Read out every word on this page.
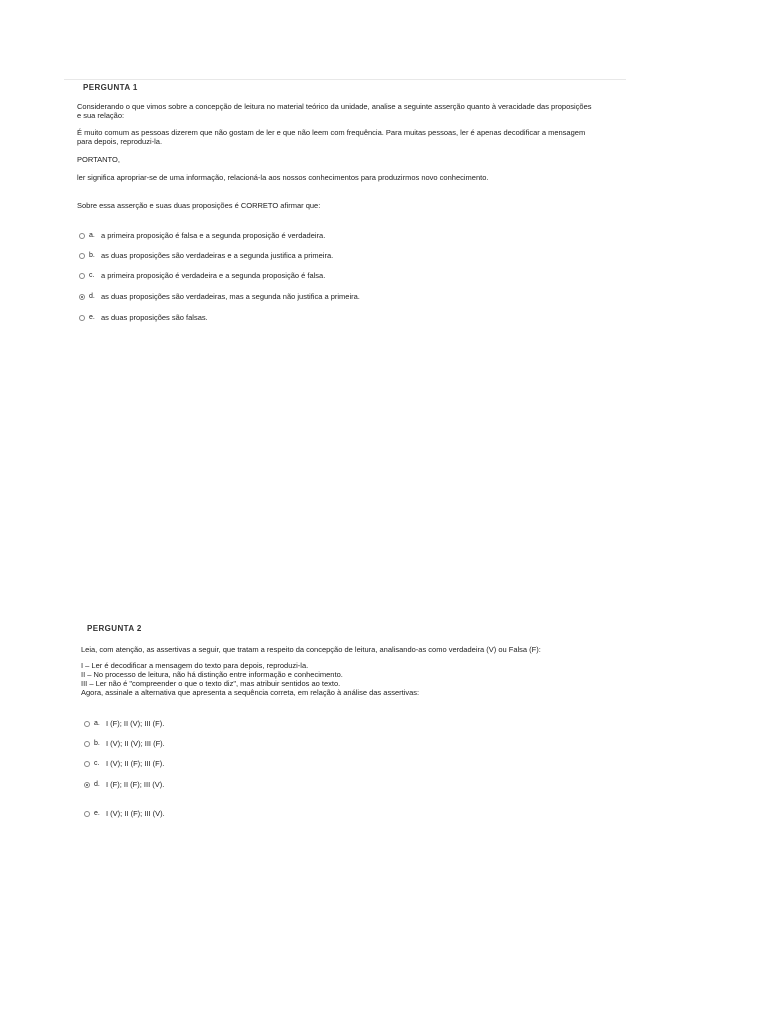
PERGUNTA 1
Considerando o que vimos sobre a concepção de leitura no material teórico da unidade, analise a seguinte asserção quanto à veracidade das proposições e sua relação:
É muito comum as pessoas dizerem que não gostam de ler e que não leem com frequência. Para muitas pessoas, ler é apenas decodificar a mensagem para depois, reproduzi-la.
PORTANTO,
ler significa apropriar-se de uma informação, relacioná-la aos nossos conhecimentos para produzirmos novo conhecimento.
Sobre essa asserção e suas duas proposições é CORRETO afirmar que:
a. a primeira proposição é falsa e a segunda proposição é verdadeira.
b. as duas proposições são verdadeiras e a segunda justifica a primeira.
c. a primeira proposição é verdadeira e a segunda proposição é falsa.
d. as duas proposições são verdadeiras, mas a segunda não justifica a primeira.
e. as duas proposições são falsas.
PERGUNTA 2
Leia, com atenção, as assertivas a seguir, que tratam a respeito da concepção de leitura, analisando-as como verdadeira (V) ou Falsa (F):
I – Ler é decodificar a mensagem do texto para depois, reproduzi-la.
II – No processo de leitura, não há distinção entre informação e conhecimento.
III – Ler não é "compreender o que o texto diz", mas atribuir sentidos ao texto.
Agora, assinale a alternativa que apresenta a sequência correta, em relação à análise das assertivas:
a. I (F); II (V); III (F).
b. I (V); II (V); III (F).
c. I (V); II (F); III (F).
d. I (F); II (F); III (V).
e. I (V); II (F); III (V).
